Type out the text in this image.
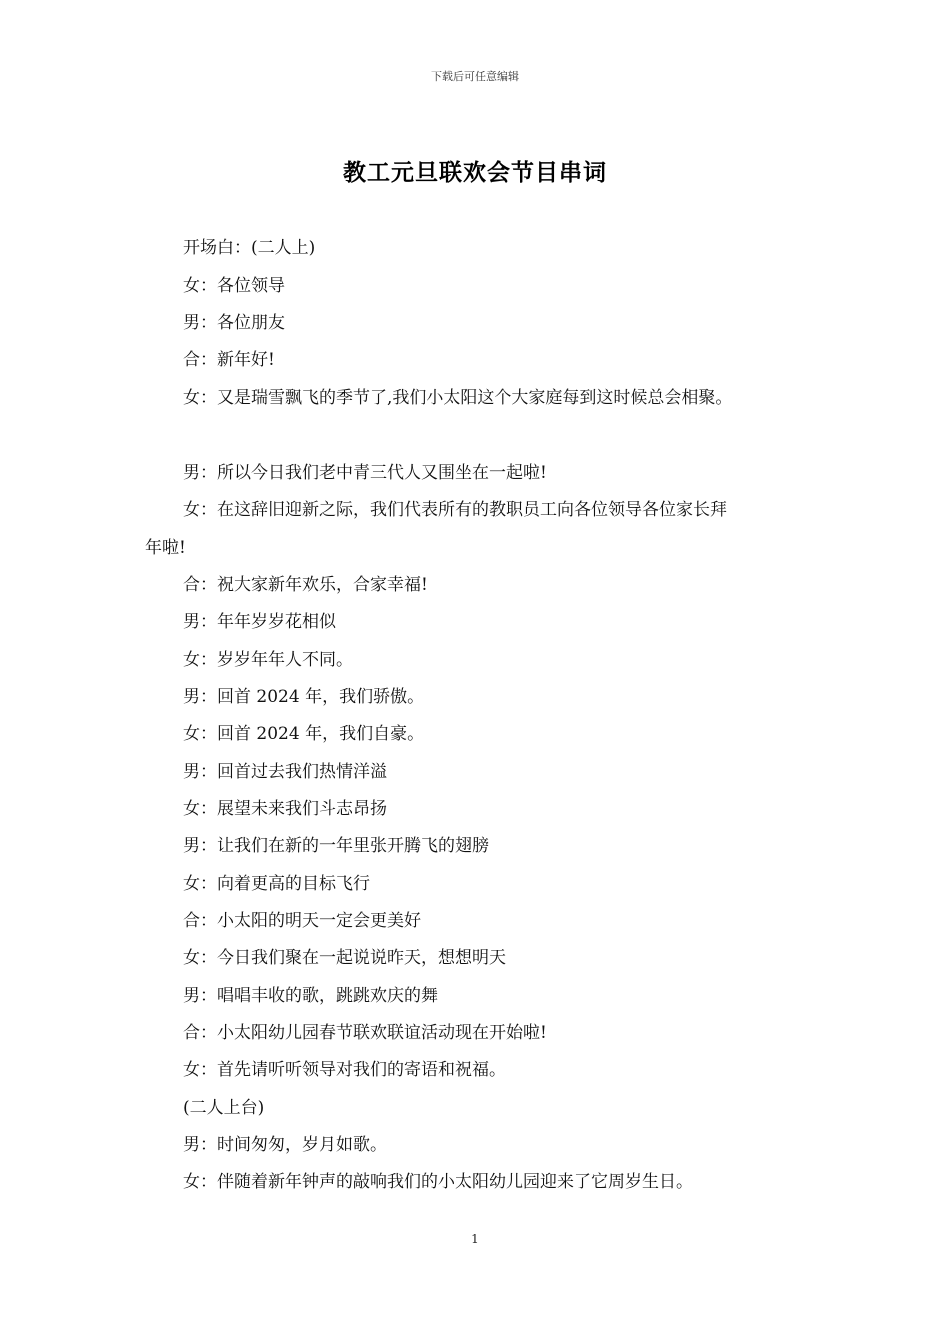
下载后可任意编辑
教工元旦联欢会节目串词
开场白：(二人上)
女：各位领导
男：各位朋友
合：新年好!
女：又是瑞雪飘飞的季节了,我们小太阳这个大家庭每到这时候总会相聚。
男：所以今日我们老中青三代人又围坐在一起啦!
女：在这辞旧迎新之际，我们代表所有的教职员工向各位领导各位家长拜
年啦!
合：祝大家新年欢乐，合家幸福!
男：年年岁岁花相似
女：岁岁年年人不同。
男：回首 2024 年，我们骄傲。
女：回首 2024 年，我们自豪。
男：回首过去我们热情洋溢
女：展望未来我们斗志昂扬
男：让我们在新的一年里张开腾飞的翅膀
女：向着更高的目标飞行
合：小太阳的明天一定会更美好
女：今日我们聚在一起说说昨天，想想明天
男：唱唱丰收的歌，跳跳欢庆的舞
合：小太阳幼儿园春节联欢联谊活动现在开始啦!
女：首先请听听领导对我们的寄语和祝福。
(二人上台)
男：时间匆匆，岁月如歌。
女：伴随着新年钟声的敲响我们的小太阳幼儿园迎来了它周岁生日。
1
